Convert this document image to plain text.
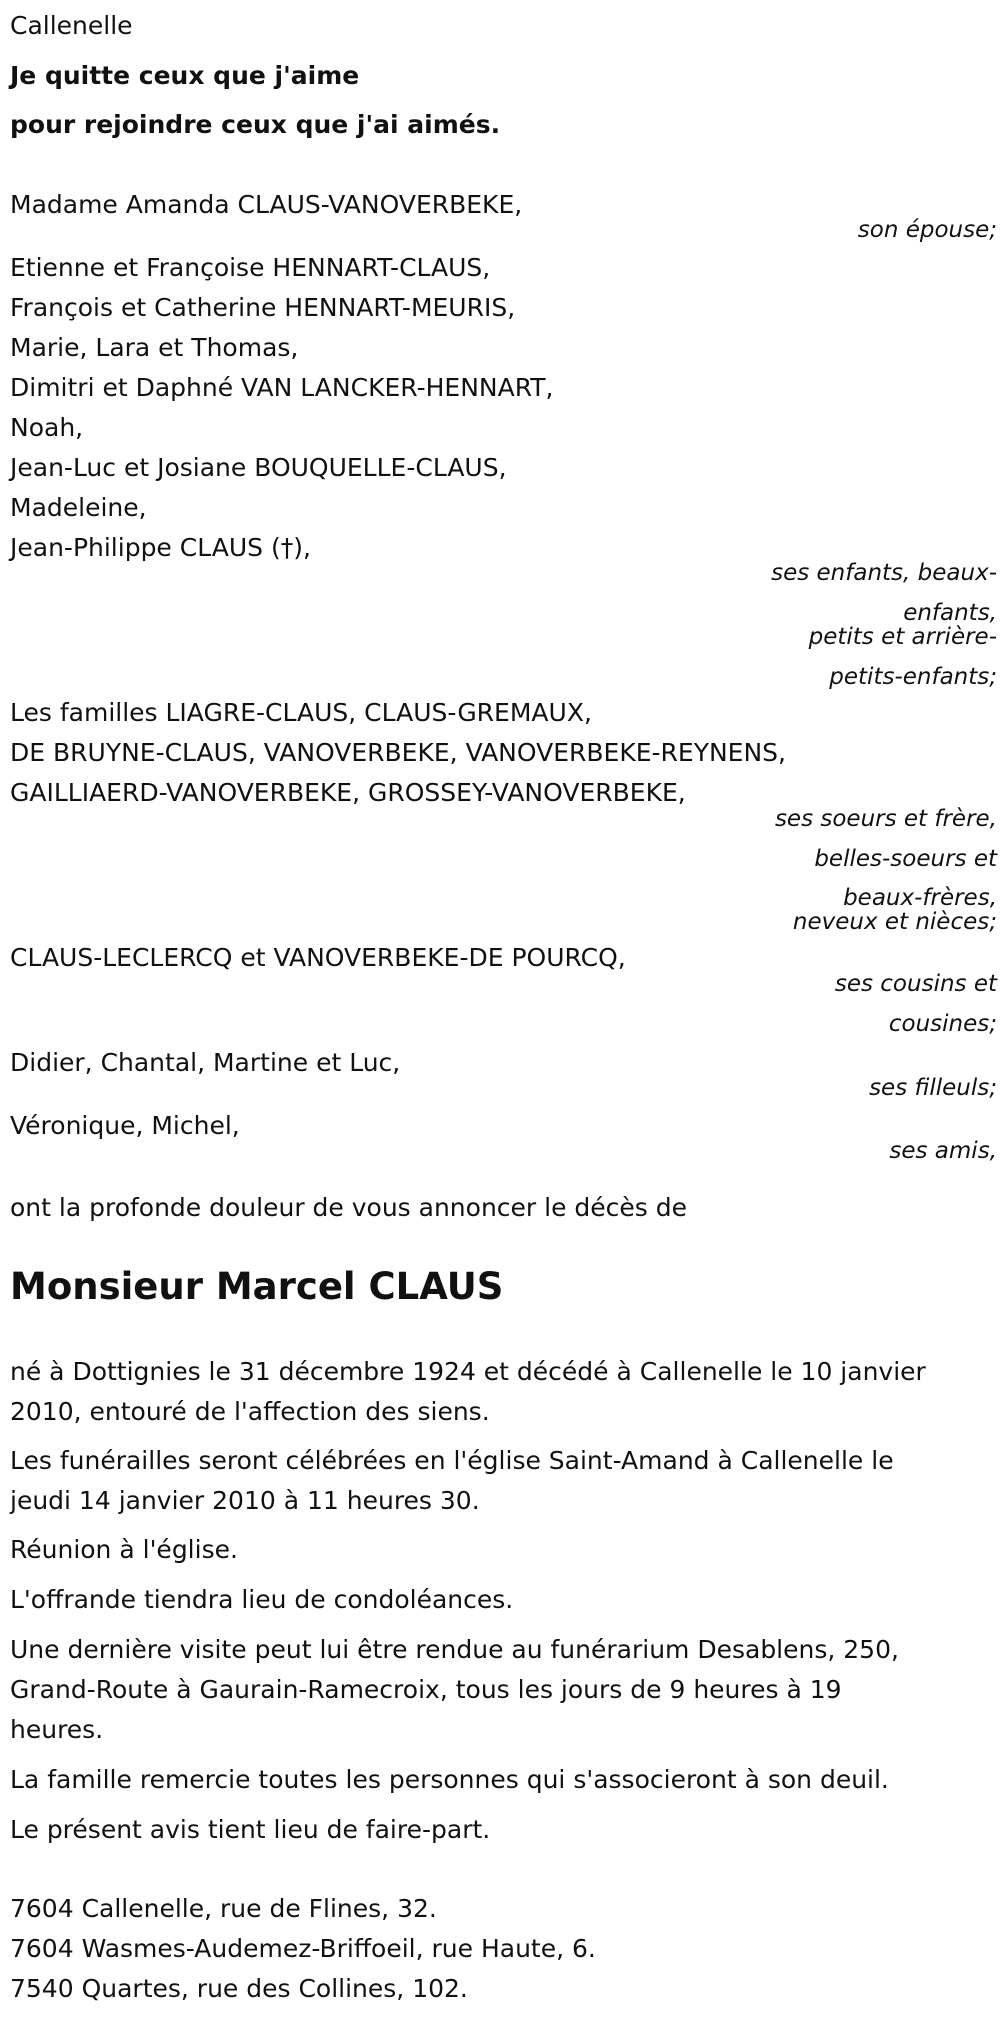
Callenelle

Je quitte ceux que j'aime

pour rejoindre ceux que j'ai aimés.

Madame Amanda CLAUS-VANOVERBEKE,

son épouse;

Etienne et Françoise HENNART-CLAUS,

François et Catherine HENNART-MEURIS,

Marie, Lara et Thomas,

Dimitri et Daphné VAN LANCKER-HENNART,

Noah,

Jean-Luc et Josiane BOUQUELLE-CLAUS,

Madeleine,

Jean-Philippe CLAUS (†),

ses enfants, beaux-

enfants,

petits et arrière-

petits-enfants;

Les familles LIAGRE-CLAUS, CLAUS-GREMAUX,

DE BRUYNE-CLAUS, VANOVERBEKE, VANOVERBEKE-REYNENS,

GAILLIAERD-VANOVERBEKE, GROSSEY-VANOVERBEKE,

ses soeurs et frère,

belles-soeurs et

beaux-frères,

neveux et nièces;

CLAUS-LECLERCQ et VANOVERBEKE-DE POURCQ,

ses cousins et

cousines;

Didier, Chantal, Martine et Luc,

ses filleuls;

Véronique, Michel,

ses amis,

ont la profonde douleur de vous annoncer le décès de

Monsieur Marcel CLAUS

né à Dottignies le 31 décembre 1924 et décédé à Callenelle le 10 janvier

2010, entouré de l'affection des siens.

Les funérailles seront célébrées en l'église Saint-Amand à Callenelle le

jeudi 14 janvier 2010 à 11 heures 30.

Réunion à l'église.

L'offrande tiendra lieu de condoléances.

Une dernière visite peut lui être rendue au funérarium Desablens, 250,

Grand-Route à Gaurain-Ramecroix, tous les jours de 9 heures à 19

heures.

La famille remercie toutes les personnes qui s'associeront à son deuil.

Le présent avis tient lieu de faire-part.

7604 Callenelle, rue de Flines, 32.

7604 Wasmes-Audemez-Briffoeil, rue Haute, 6.

7540 Quartes, rue des Collines, 102.
